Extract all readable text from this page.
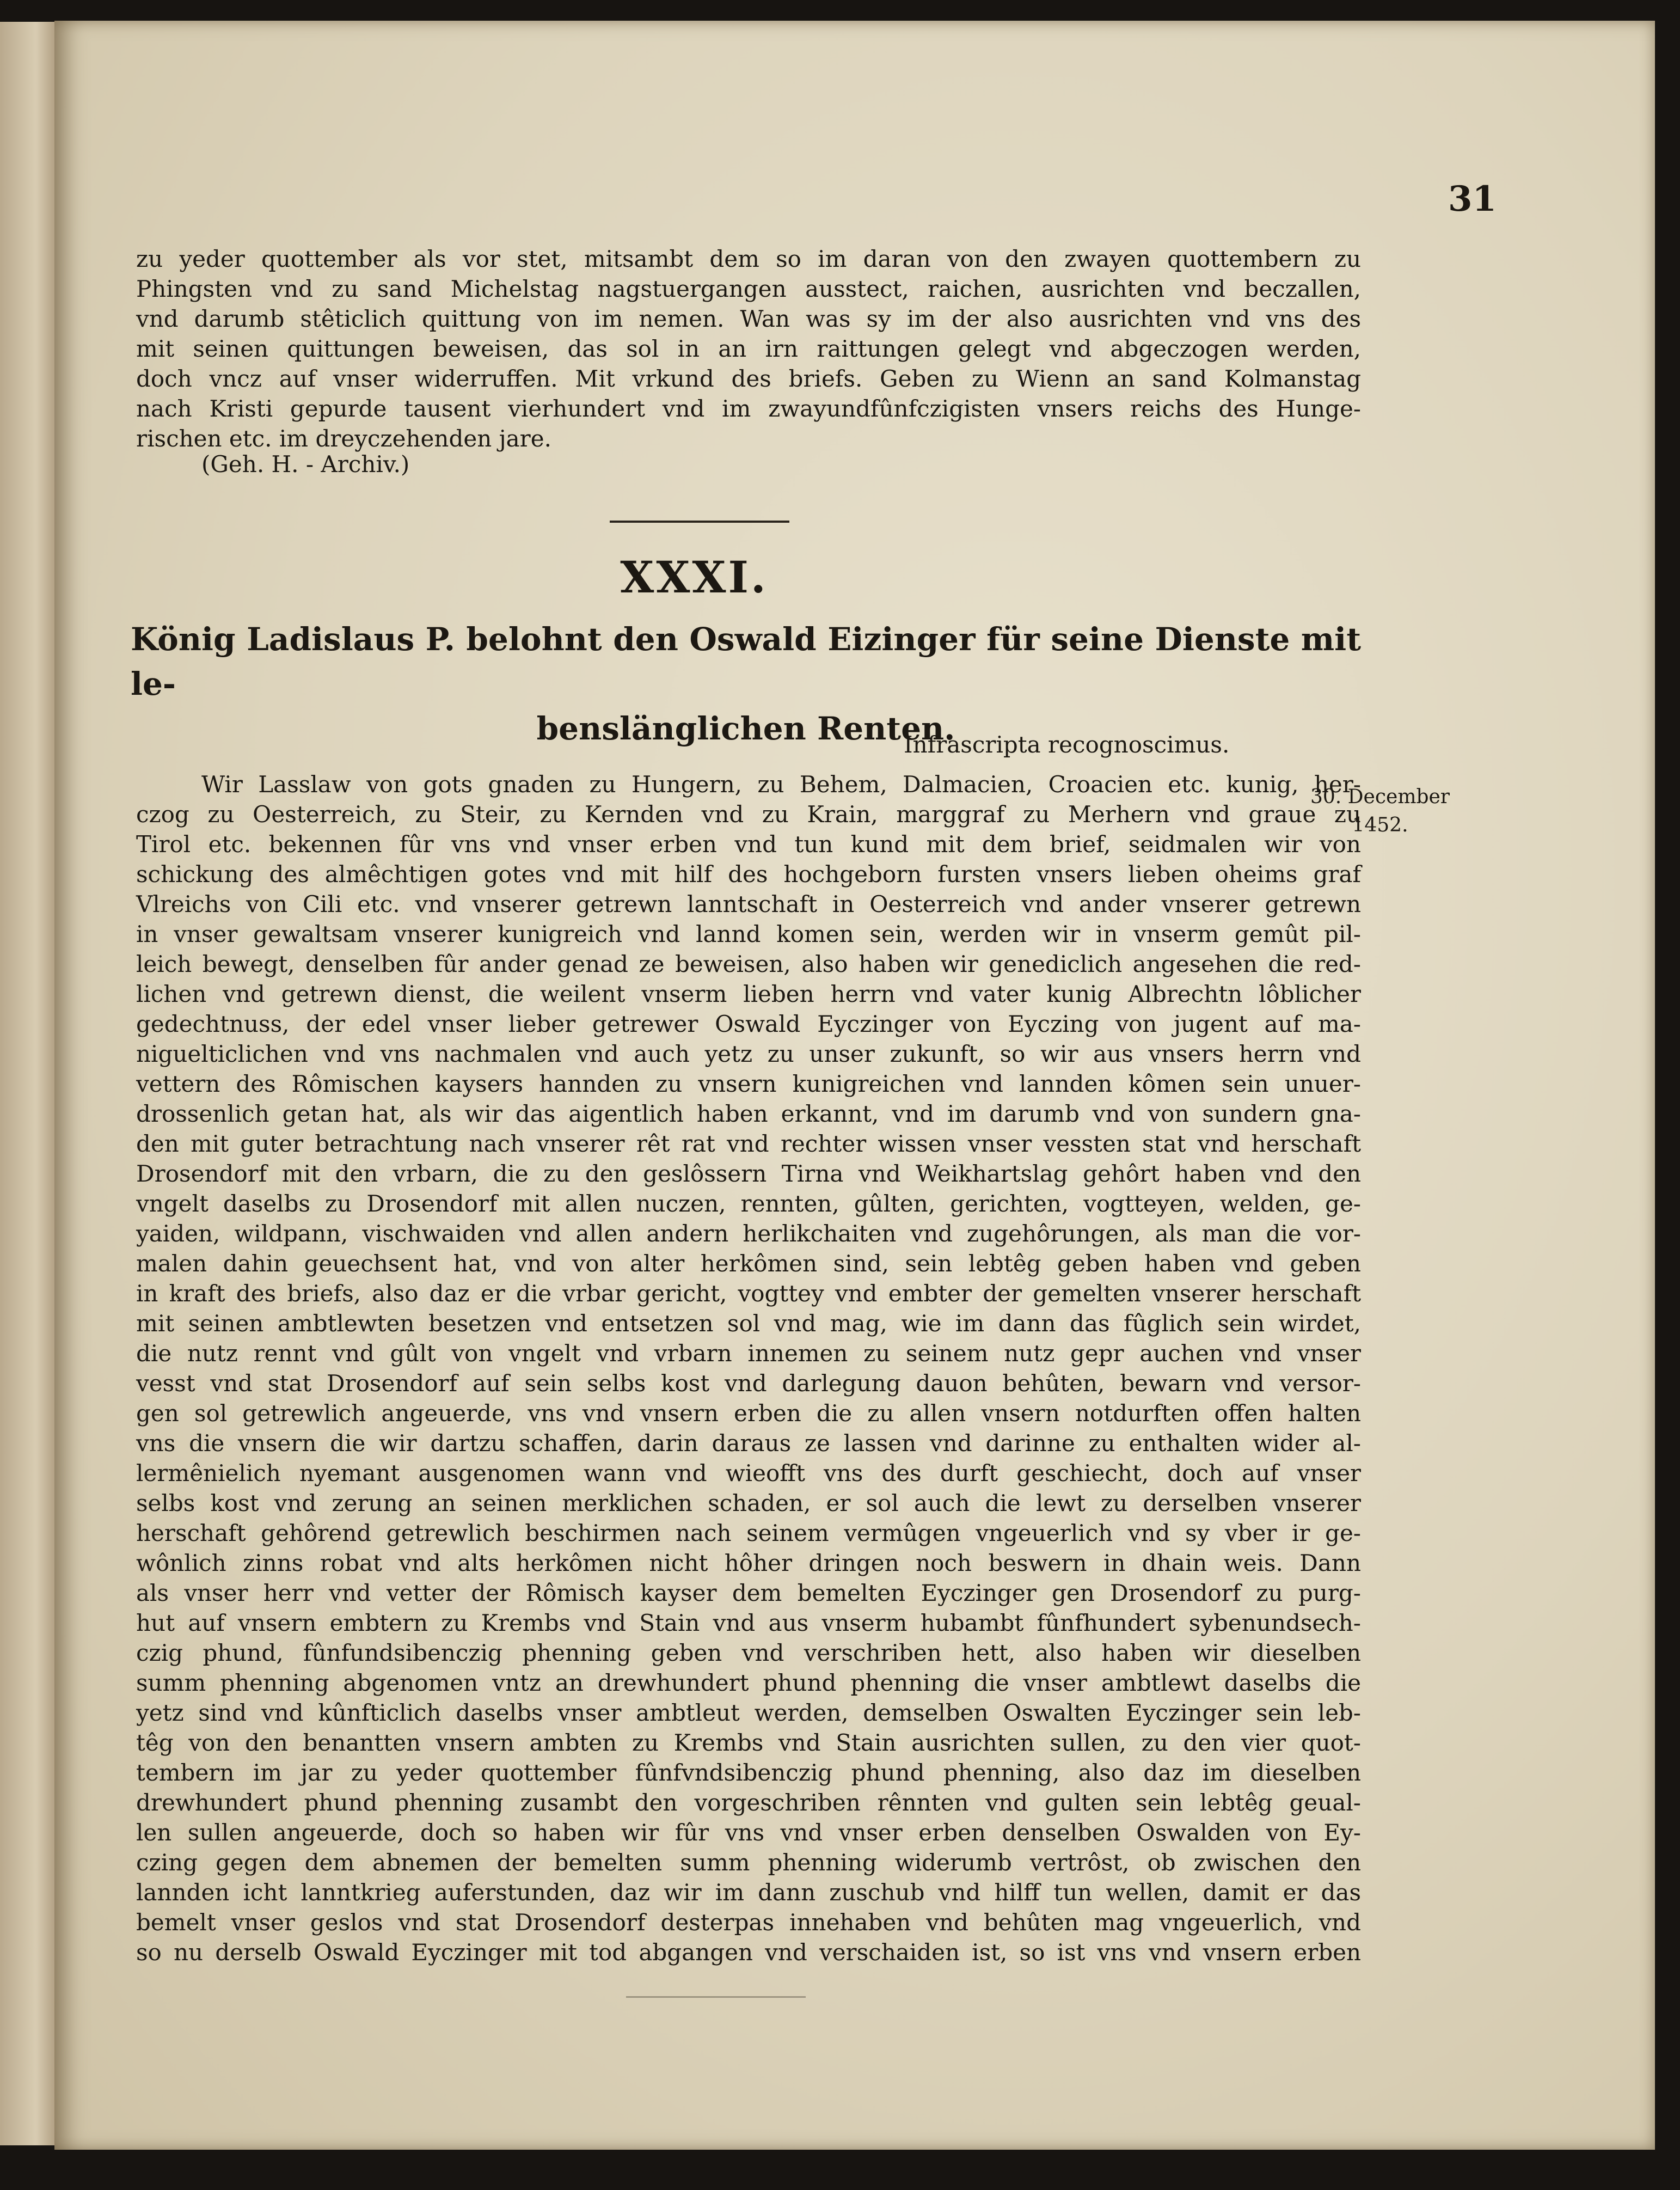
31
zu yeder quottember als vor stet, mitsambt dem so im daran von den zwayen quottembern zu
Phingsten vnd zu sand Michelstag nagstuergangen ausstect, raichen, ausrichten vnd beczallen,
vnd darumb stêticlich quittung von im nemen. Wan was sy im der also ausrichten vnd vns des
mit seinen quittungen beweisen, das sol in an irn raittungen gelegt vnd abgeczogen werden,
doch vncz auf vnser widerruffen. Mit vrkund des briefs. Geben zu Wienn an sand Kolmanstag
nach Kristi gepurde tausent vierhundert vnd im zwayundfûnfczigisten vnsers reichs des Hunge-
rischen etc. im dreyczehenden jare.
(Geh. H. - Archiv.)
XXXI.
König Ladislaus P. belohnt den Oswald Eizinger für seine Dienste mit le-
benslänglichen Renten.
Infrascripta recognoscimus.
30. December
1452.
Wir Lasslaw von gots gnaden zu Hungern, zu Behem, Dalmacien, Croacien etc. kunig, her-
czog zu Oesterreich, zu Steir, zu Kernden vnd zu Krain, marggraf zu Merhern vnd graue zu
Tirol etc. bekennen fûr vns vnd vnser erben vnd tun kund mit dem brief, seidmalen wir von
schickung des almêchtigen gotes vnd mit hilf des hochgeborn fursten vnsers lieben oheims graf
Vlreichs von Cili etc. vnd vnserer getrewn lanntschaft in Oesterreich vnd ander vnserer getrewn
in vnser gewaltsam vnserer kunigreich vnd lannd komen sein, werden wir in vnserm gemût pil-
leich bewegt, denselben fûr ander genad ze beweisen, also haben wir genediclich angesehen die red-
lichen vnd getrewn dienst, die weilent vnserm lieben herrn vnd vater kunig Albrechtn lôblicher
gedechtnuss, der edel vnser lieber getrewer Oswald Eyczinger von Eyczing von jugent auf ma-
niguelticlichen vnd vns nachmalen vnd auch yetz zu unser zukunft, so wir aus vnsers herrn vnd
vettern des Rômischen kaysers hannden zu vnsern kunigreichen vnd lannden kômen sein unuer-
drossenlich getan hat, als wir das aigentlich haben erkannt, vnd im darumb vnd von sundern gna-
den mit guter betrachtung nach vnserer rêt rat vnd rechter wissen vnser vessten stat vnd herschaft
Drosendorf mit den vrbarn, die zu den geslôssern Tirna vnd Weikhartslag gehôrt haben vnd den
vngelt daselbs zu Drosendorf mit allen nuczen, rennten, gûlten, gerichten, vogtteyen, welden, ge-
yaiden, wildpann, vischwaiden vnd allen andern herlikchaiten vnd zugehôrungen, als man die vor-
malen dahin geuechsent hat, vnd von alter herkômen sind, sein lebtêg geben haben vnd geben
in kraft des briefs, also daz er die vrbar gericht, vogttey vnd embter der gemelten vnserer herschaft
mit seinen ambtlewten besetzen vnd entsetzen sol vnd mag, wie im dann das fûglich sein wirdet,
die nutz rennt vnd gûlt von vngelt vnd vrbarn innemen zu seinem nutz gepr auchen vnd vnser
vesst vnd stat Drosendorf auf sein selbs kost vnd darlegung dauon behûten, bewarn vnd versor-
gen sol getrewlich angeuerde, vns vnd vnsern erben die zu allen vnsern notdurften offen halten
vns die vnsern die wir dartzu schaffen, darin daraus ze lassen vnd darinne zu enthalten wider al-
lermênielich nyemant ausgenomen wann vnd wieofft vns des durft geschiecht, doch auf vnser
selbs kost vnd zerung an seinen merklichen schaden, er sol auch die lewt zu derselben vnserer
herschaft gehôrend getrewlich beschirmen nach seinem vermûgen vngeuerlich vnd sy vber ir ge-
wônlich zinns robat vnd alts herkômen nicht hôher dringen noch beswern in dhain weis. Dann
als vnser herr vnd vetter der Rômisch kayser dem bemelten Eyczinger gen Drosendorf zu purg-
hut auf vnsern embtern zu Krembs vnd Stain vnd aus vnserm hubambt fûnfhundert sybenundsech-
czig phund, fûnfundsibenczig phenning geben vnd verschriben hett, also haben wir dieselben
summ phenning abgenomen vntz an drewhundert phund phenning die vnser ambtlewt daselbs die
yetz sind vnd kûnfticlich daselbs vnser ambtleut werden, demselben Oswalten Eyczinger sein leb-
têg von den benantten vnsern ambten zu Krembs vnd Stain ausrichten sullen, zu den vier quot-
tembern im jar zu yeder quottember fûnfvndsibenczig phund phenning, also daz im dieselben
drewhundert phund phenning zusambt den vorgeschriben rênnten vnd gulten sein lebtêg geual-
len sullen angeuerde, doch so haben wir fûr vns vnd vnser erben denselben Oswalden von Ey-
czing gegen dem abnemen der bemelten summ phenning widerumb vertrôst, ob zwischen den
lannden icht lanntkrieg auferstunden, daz wir im dann zuschub vnd hilff tun wellen, damit er das
bemelt vnser geslos vnd stat Drosendorf desterpas innehaben vnd behûten mag vngeuerlich, vnd
so nu derselb Oswald Eyczinger mit tod abgangen vnd verschaiden ist, so ist vns vnd vnsern erben
